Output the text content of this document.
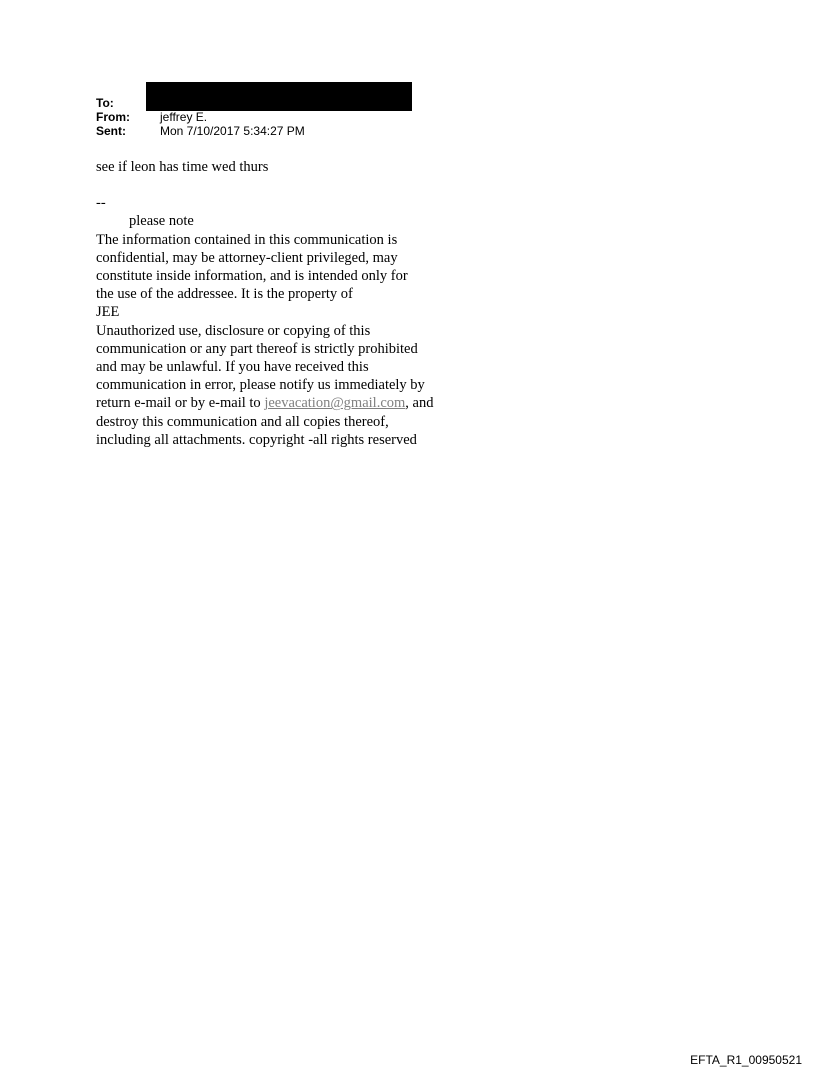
To:
From:	jeffrey E.
Sent:	Mon 7/10/2017 5:34:27 PM

see if leon has time wed thurs

--

please note

The information contained in this communication is

confidential, may be attorney-client privileged, may

constitute inside information, and is intended only for

the use of the addressee. It is the property of

JEE

Unauthorized use, disclosure or copying of this

communication or any part thereof is strictly prohibited

and may be unlawful. If you have received this

communication in error, please notify us immediately by

return e-mail or by e-mail to jeevacation@gmail.com, and

destroy this communication and all copies thereof,

including all attachments. copyright -all rights reserved

EFTA_R1_00950521
